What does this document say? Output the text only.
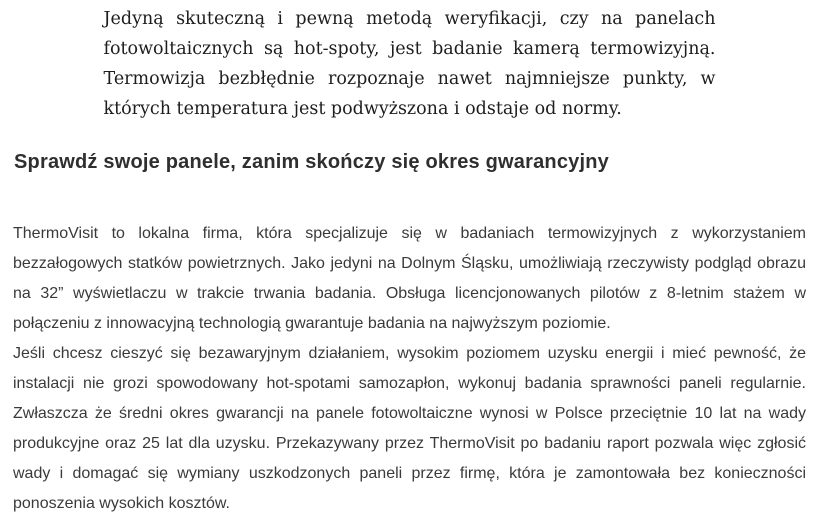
Jedyną skuteczną i pewną metodą weryfikacji, czy na panelach fotowoltaicznych są hot-spoty, jest badanie kamerą termowizyjną. Termowizja bezbłędnie rozpoznaje nawet najmniejsze punkty, w których temperatura jest podwyższona i odstaje od normy.
Sprawdź swoje panele, zanim skończy się okres gwarancyjny

ThermoVisit to lokalna firma, która specjalizuje się w badaniach termowizyjnych z wykorzystaniem bezzałogowych statków powietrznych. Jako jedyni na Dolnym Śląsku, umożliwiają rzeczywisty podgląd obrazu na 32” wyświetlaczu w trakcie trwania badania. Obsługa licencjonowanych pilotów z 8-letnim stażem w połączeniu z innowacyjną technologią gwarantuje badania na najwyższym poziomie.

Jeśli chcesz cieszyć się bezawaryjnym działaniem, wysokim poziomem uzysku energii i mieć pewność, że instalacji nie grozi spowodowany hot-spotami samozapłon, wykonuj badania sprawności paneli regularnie. Zwłaszcza że średni okres gwarancji na panele fotowoltaiczne wynosi w Polsce przeciętnie 10 lat na wady produkcyjne oraz 25 lat dla uzysku. Przekazywany przez ThermoVisit po badaniu raport pozwala więc zgłosić wady i domagać się wymiany uszkodzonych paneli przez firmę, która je zamontowała bez konieczności ponoszenia wysokich kosztów.
